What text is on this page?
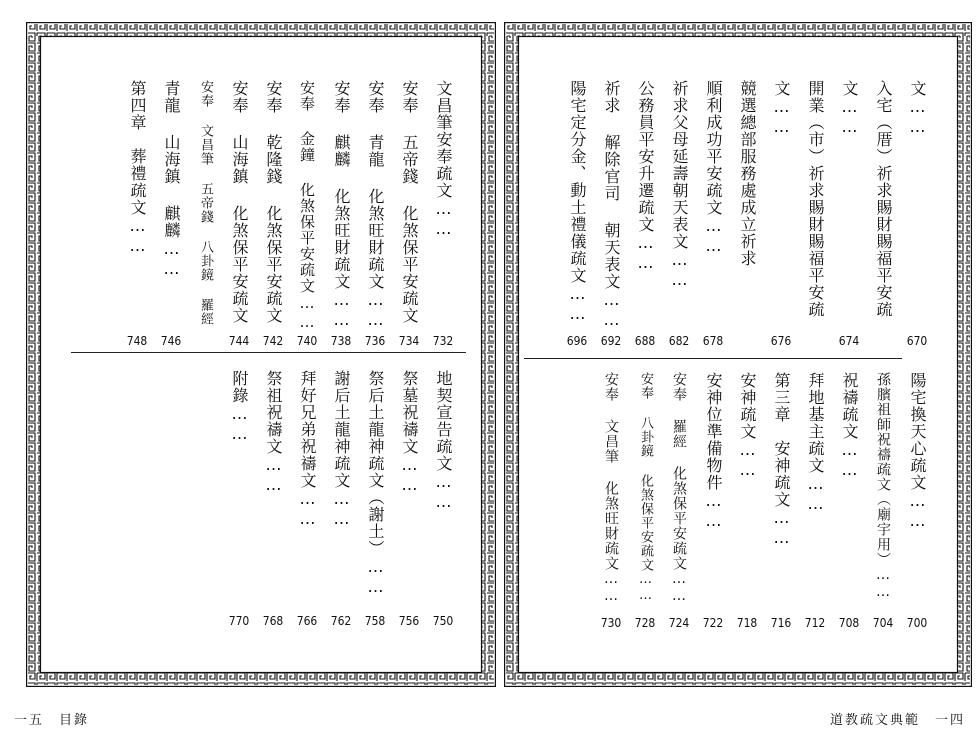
文昌筆安奉疏文……
732
安奉 五帝錢 化煞保平安疏文
734
安奉 青龍 化煞旺財疏文……
736
安奉 麒麟 化煞旺財疏文……
738
安奉 金鐘 化煞保平安疏文……
740
安奉 乾隆錢 化煞保平安疏文
742
安奉 山海鎮 化煞保平安疏文
744
安奉 文昌筆 五帝錢 八卦鏡 羅經
青龍 山海鎮 麒麟……
746
第四章　葬禮疏文……
748
地契宣告疏文……
750
祭墓祝禱文……
756
祭后土龍神疏文（謝土）……
758
謝后土龍神疏文……
762
拜好兄弟祝禱文……
766
祭祖祝禱文……
768
附錄……
770
文……
670
入宅（厝）祈求賜財賜福平安疏
文……
674
開業（市）祈求賜財賜福平安疏
文……
676
競選總部服務處成立祈求
順利成功平安疏文……
678
祈求父母延壽朝天表文……
682
公務員平安升遷疏文……
688
祈求 解除官司 朝天表文……
692
陽宅定分金、動土禮儀疏文……
696
陽宅換天心疏文……
700
孫臏祖師祝禱疏文（廟宇用）……
704
祝禱疏文……
708
拜地基主疏文……
712
第三章　安神疏文……
716
安神疏文……
718
安神位準備物件……
722
安奉 羅經 化煞保平安疏文……
724
安奉 八卦鏡 化煞保平安疏文……
728
安奉 文昌筆 化煞旺財疏文……
730
一五　目錄	道教疏文典範　一四
